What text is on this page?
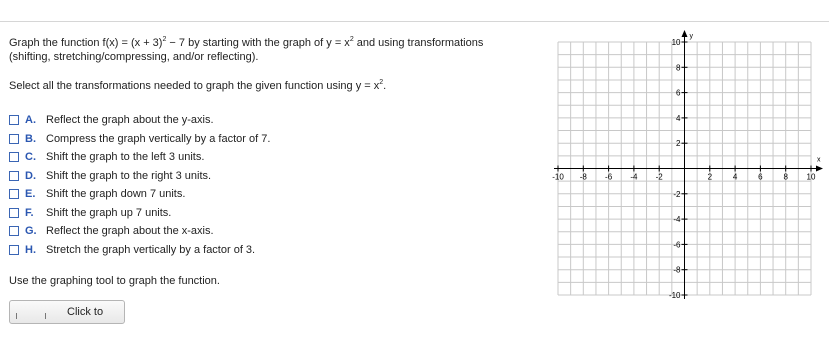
Graph the function $f(x) = (x + 3)^2 - 7$ by starting with the graph of $y = x^2$ and using transformations
(shifting, stretching/compressing, and/or reflecting).
Select all the transformations needed to graph the given function using $y = x^2$.
A. Reflect the graph about the y-axis.
B. Compress the graph vertically by a factor of 7.
C. Shift the graph to the left 3 units.
D. Shift the graph to the right 3 units.
E. Shift the graph down 7 units.
F.	Shift the graph up 7 units.
G. Reflect the graph about the x-axis.
H. Stretch the graph vertically by a factor of 3.
Use the graphing tool to graph the function.
Click to
x
y
-10 -8 -6 -4 -2	2	4	6	8 10
10
8
6
4
2
-2
-4
-6
-8
-10
